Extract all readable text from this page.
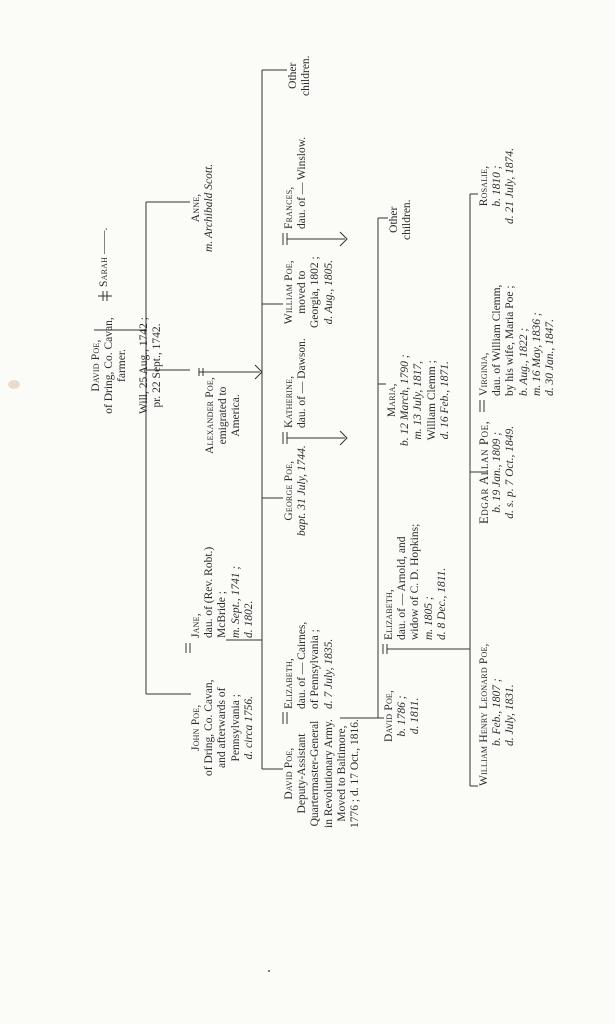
David Poe, of Dring, Co. Cavan, farmer. Will, 25 Aug., 1742 ; pr. 22 Sept., 1742.
Sarah ——.
John Poe, of Dring, Co. Cavan, and afterwards of Pennsylvania ; d. circa 1756.
Jane, dau. of (Rev. Robt.) McBride ; m. Sept., 1741 ; d. 1802.
Alexander Poe, emigrated to America.
Anne, m. Archibald Scott.
David Poe, Deputy-Assistant Quartermaster-General in Revolutionary Army. Moved to Baltimore, 1776 ; d. 17 Oct., 1816.
Elizabeth, dau. of — Cairnes, of Pennsylvania ; d. 7 July, 1835.
George Poe, bapt. 31 July, 1744.
Katherine, dau. of — Dawson.
William Poe, moved to Georgia, 1802 ; d. Aug., 1805.
Frances, dau. of — Winslow.
Other children.
David Poe, b. 1786 ; d. 1811.
Elizabeth, dau. of — Arnold, and widow of C. D. Hopkins; m. 1805 ; d. 8 Dec., 1811.
Maria, b. 12 March, 1790 ; m. 13 July, 1817, William Clemm ; d. 16 Feb., 1871.
Other children.
William Henry Leonard Poe, b. Feb., 1807 ; d. July, 1831.
Edgar Allan Poe, b. 19 Jan., 1809 ; d. s. p. 7 Oct., 1849.
Virginia, dau. of William Clemm, by his wife, Maria Poe ; b. Aug., 1822 ; m. 16 May, 1836 ; d. 30 Jan., 1847.
Rosalie, b. 1810 ; d. 21 July, 1874.
